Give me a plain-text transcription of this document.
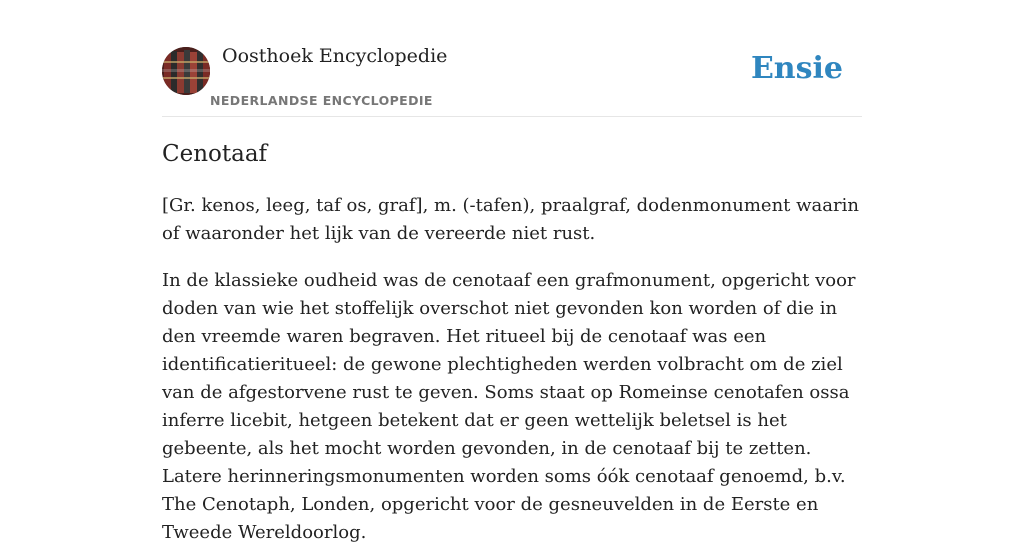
Oosthoek Encyclopedie
NEDERLANDSE ENCYCLOPEDIE
Ensie
Cenotaaf

[Gr. kenos, leeg, taf os, graf], m. (-tafen), praalgraf, dodenmonument waarin of waaronder het lijk van de vereerde niet rust.

In de klassieke oudheid was de cenotaaf een grafmonument, opgericht voor doden van wie het stoffelijk overschot niet gevonden kon worden of die in den vreemde waren begraven. Het ritueel bij de cenotaaf was een identificatieritueel: de gewone plechtigheden werden volbracht om de ziel van de afgestorvene rust te geven. Soms staat op Romeinse cenotafen ossa inferre licebit, hetgeen betekent dat er geen wettelijk beletsel is het gebeente, als het mocht worden gevonden, in de cenotaaf bij te zetten. Latere herinneringsmonumenten worden soms óók cenotaaf genoemd, b.v. The Cenotaph, Londen, opgericht voor de gesneuvelden in de Eerste en Tweede Wereldoorlog.
